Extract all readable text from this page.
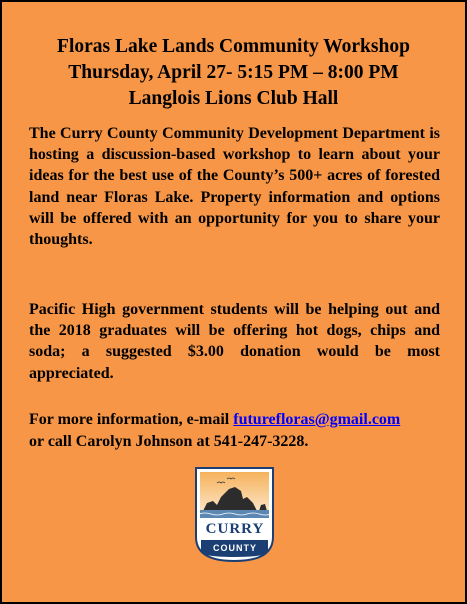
Floras Lake Lands Community Workshop
Thursday, April 27- 5:15 PM – 8:00 PM
Langlois Lions Club Hall
The Curry County Community Development Department is hosting a discussion-based workshop to learn about your ideas for the best use of the County’s 500+ acres of forested land near Floras Lake. Property information and options will be offered with an opportunity for you to share your thoughts.
Pacific High government students will be helping out and the 2018 graduates will be offering hot dogs, chips and soda; a suggested $3.00 donation would be most appreciated.
For more information, e-mail futurefloras@gmail.com
or call Carolyn Johnson at 541-247-3228.
CURRY
COUNTY
